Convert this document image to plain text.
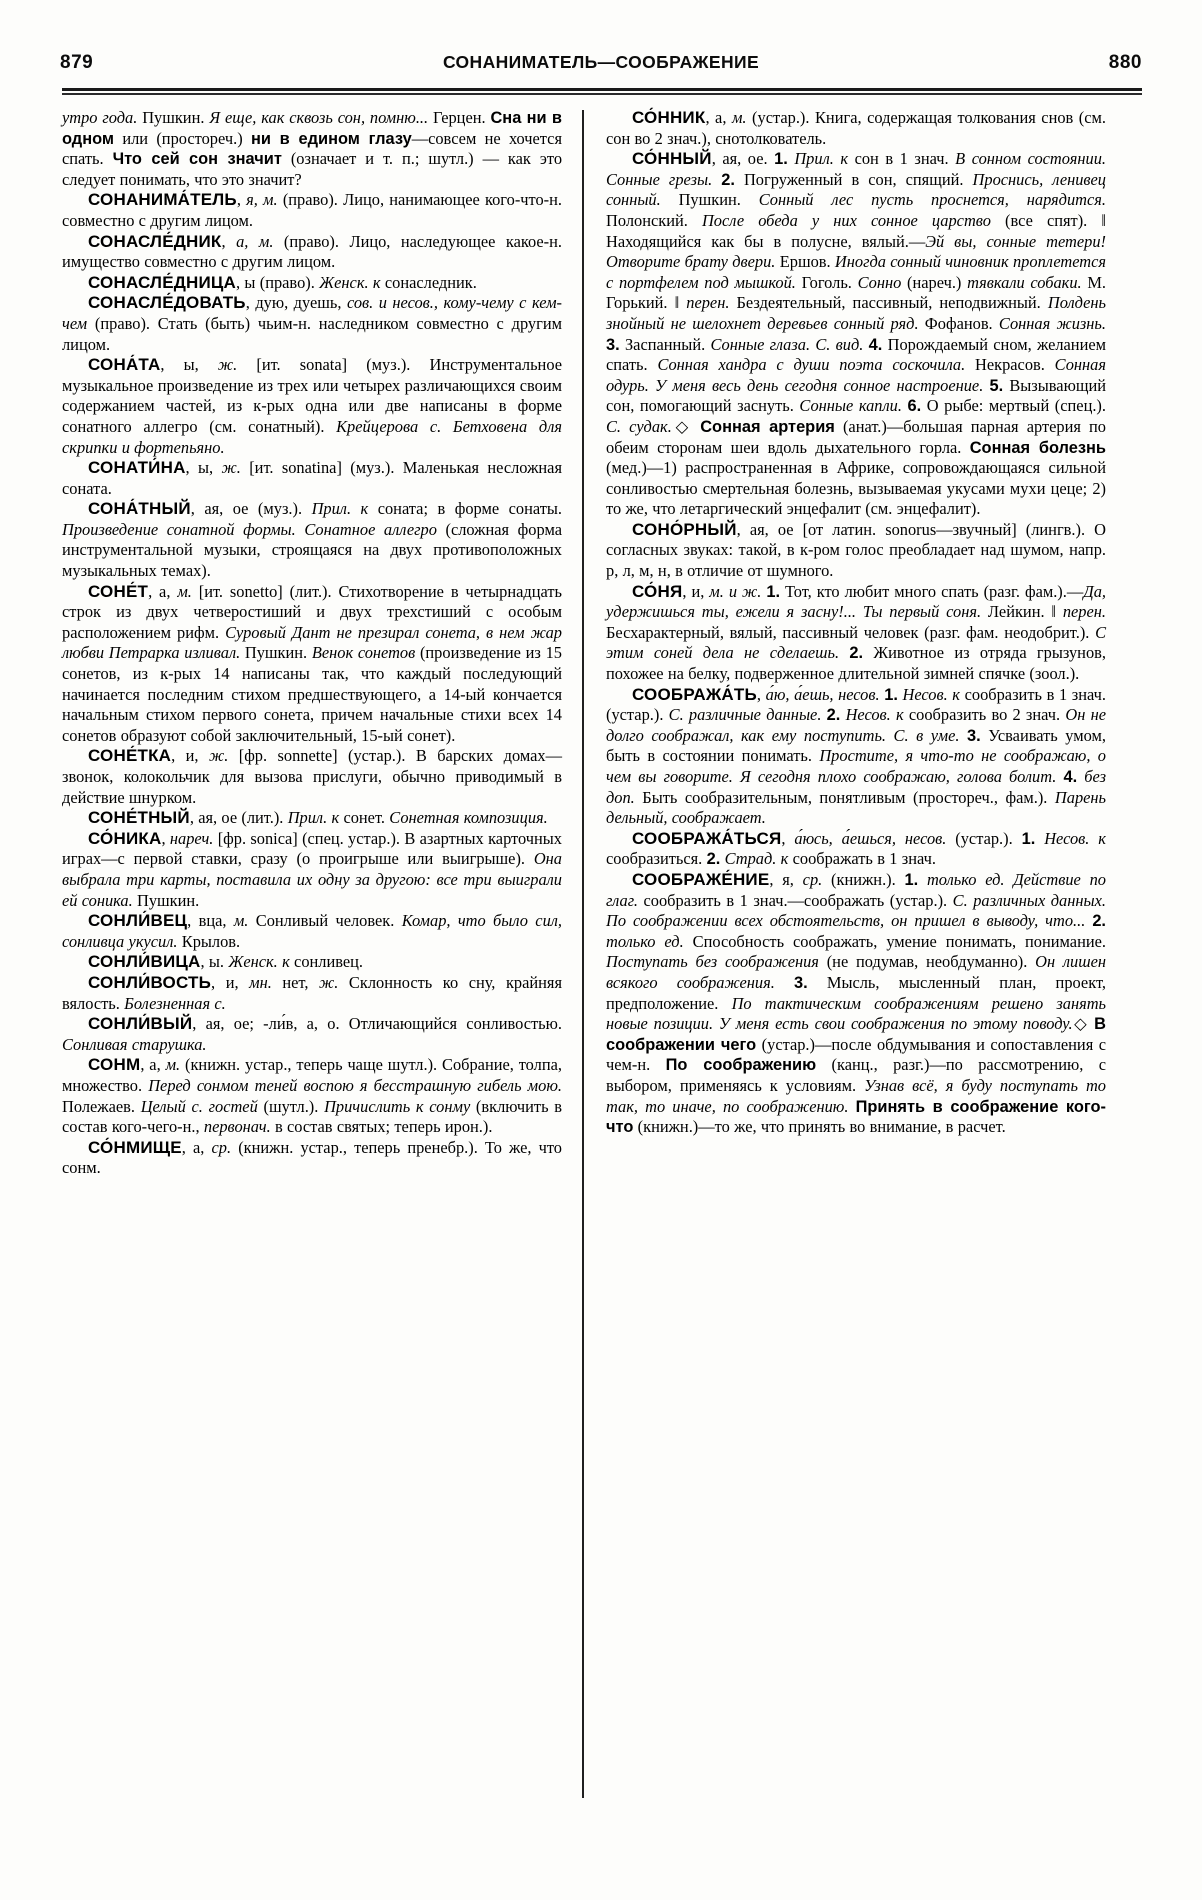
879	СОНАНИМАТЕЛЬ—СООБРАЖЕНИЕ	880

утро года. Пушкин. Я еще, как сквозь сон, помню... Герцен. Сна ни в одном или (простореч.) ни в едином глазу—совсем не хочется спать. Что сей сон значит (означает и т. п.; шутл.) — как это следует понимать, что это значит?

СОНАНИМА́ТЕЛЬ, я, м. (право). Лицо, нанимающее кого-что-н. совместно с другим лицом.

СОНАСЛЕ́ДНИК, а, м. (право). Лицо, наследующее какое-н. имущество совместно с другим лицом.

СОНАСЛЕ́ДНИЦА, ы (право). Женск. к сонаследник.

СОНАСЛЕ́ДОВАТЬ, дую, дуешь, сов. и несов., кому-чему с кем-чем (право). Стать (быть) чьим-н. наследником совместно с другим лицом.

СОНА́ТА, ы, ж. [ит. sonata] (муз.). Инструментальное музыкальное произведение из трех или четырех различающихся своим содержанием частей, из к-рых одна или две написаны в форме сонатного аллегро (см. сонатный). Крейцерова с. Бетховена для скрипки и фортепьяно.

СОНАТИ́НА, ы, ж. [ит. sonatina] (муз.). Маленькая несложная соната.

СОНА́ТНЫЙ, ая, ое (муз.). Прил. к соната; в форме сонаты. Произведение сонатной формы. Сонатное аллегро (сложная форма инструментальной музыки, строящаяся на двух противоположных музыкальных темах).

СОНЕ́Т, а, м. [ит. sonetto] (лит.). Стихотворение в четырнадцать строк из двух четверостиший и двух трехстиший с особым расположением рифм. Суровый Дант не презирал сонета, в нем жар любви Петрарка изливал. Пушкин. Венок сонетов (произведение из 15 сонетов, из к-рых 14 написаны так, что каждый последующий начинается последним стихом предшествующего, а 14-ый кончается начальным стихом первого сонета, причем начальные стихи всех 14 сонетов образуют собой заключительный, 15-ый сонет).

СОНЕ́ТКА, и, ж. [фр. sonnette] (устар.). В барских домах—звонок, колокольчик для вызова прислуги, обычно приводимый в действие шнурком.

СОНЕ́ТНЫЙ, ая, ое (лит.). Прил. к сонет. Сонетная композиция.

СО́НИКА, нареч. [фр. sonica] (спец. устар.). В азартных карточных играх—с первой ставки, сразу (о проигрыше или выигрыше). Она выбрала три карты, поставила их одну за другою: все три выиграли ей соника. Пушкин.

СОНЛИ́ВЕЦ, вца, м. Сонливый человек. Комар, что было сил, сонливца укусил. Крылов.

СОНЛИ́ВИЦА, ы. Женск. к сонливец.

СОНЛИ́ВОСТЬ, и, мн. нет, ж. Склонность ко сну, крайняя вялость. Болезненная с.

СОНЛИ́ВЫЙ, ая, ое; -ли́в, а, о. Отличающийся сонливостью. Сонливая старушка.

СОНМ, а, м. (книжн. устар., теперь чаще шутл.). Собрание, толпа, множество. Перед сонмом теней воспою я бесстрашную гибель мою. Полежаев. Целый с. гостей (шутл.). Причислить к сонму (включить в состав кого-чего-н., первонач. в состав святых; теперь ирон.).

СО́НМИЩЕ, а, ср. (книжн. устар., теперь пренебр.). То же, что сонм.

СО́ННИК, а, м. (устар.). Книга, содержащая толкования снов (см. сон во 2 знач.), снотолкователь.

СО́ННЫЙ, ая, ое. 1. Прил. к сон в 1 знач. В сонном состоянии. Сонные грезы. 2. Погруженный в сон, спящий. Проснись, ленивец сонный. Пушкин. Сонный лес пусть проснется, нарядится. Полонский. После обеда у них сонное царство (все спят). ‖ Находящийся как бы в полусне, вялый.—Эй вы, сонные тетери! Отворите брату двери. Ершов. Иногда сонный чиновник проплетется с портфелем под мышкой. Гоголь. Сонно (нареч.) тявкали собаки. М. Горький. ‖ перен. Бездеятельный, пассивный, неподвижный. Полдень знойный не шелохнет деревьев сонный ряд. Фофанов. Сонная жизнь. 3. Заспанный. Сонные глаза. С. вид. 4. Порождаемый сном, желанием спать. Сонная хандра с души поэта соскочила. Некрасов. Сонная одурь. У меня весь день сегодня сонное настроение. 5. Вызывающий сон, помогающий заснуть. Сонные капли. 6. О рыбе: мертвый (спец.). С. судак.◇ Сонная артерия (анат.)—большая парная артерия по обеим сторонам шеи вдоль дыхательного горла. Сонная болезнь (мед.)—1) распространенная в Африке, сопровождающаяся сильной сонливостью смертельная болезнь, вызываемая укусами мухи цеце; 2) то же, что летаргический энцефалит (см. энцефалит).

СОНО́РНЫЙ, ая, ое [от латин. sonorus—звучный] (лингв.). О согласных звуках: такой, в к-ром голос преобладает над шумом, напр. р, л, м, н, в отличие от шумного.

СО́НЯ, и, м. и ж. 1. Тот, кто любит много спать (разг. фам.).—Да, удержишься ты, ежели я засну!... Ты первый соня. Лейкин. ‖ перен. Бесхарактерный, вялый, пассивный человек (разг. фам. неодобрит.). С этим соней дела не сделаешь. 2. Животное из отряда грызунов, похожее на белку, подверженное длительной зимней спячке (зоол.).

СООБРАЖА́ТЬ, а́ю, а́ешь, несов. 1. Несов. к сообразить в 1 знач. (устар.). С. различные данные. 2. Несов. к сообразить во 2 знач. Он не долго соображал, как ему поступить. С. в уме. 3. Усваивать умом, быть в состоянии понимать. Простите, я что-то не соображаю, о чем вы говорите. Я сегодня плохо соображаю, голова болит. 4. без доп. Быть сообразительным, понятливым (простореч., фам.). Парень дельный, соображает.

СООБРАЖА́ТЬСЯ, а́юсь, а́ешься, несов. (устар.). 1. Несов. к сообразиться. 2. Страд. к соображать в 1 знач.

СООБРАЖЕ́НИЕ, я, ср. (книжн.). 1. только ед. Действие по глаг. сообразить в 1 знач.—соображать (устар.). С. различных данных. По соображении всех обстоятельств, он пришел в выводу, что... 2. только ед. Способность соображать, умение понимать, понимание. Поступать без соображения (не подумав, необдуманно). Он лишен всякого соображения. 3. Мысль, мысленный план, проект, предположение. По тактическим соображениям решено занять новые позиции. У меня есть свои соображения по этому поводу.◇ В соображении чего (устар.)—после обдумывания и сопоставления с чем-н. По соображению (канц., разг.)—по рассмотрению, с выбором, применяясь к условиям. Узнав всё, я буду поступать то так, то иначе, по соображению. Принять в соображение кого-что (книжн.)—то же, что принять во внимание, в расчет.
